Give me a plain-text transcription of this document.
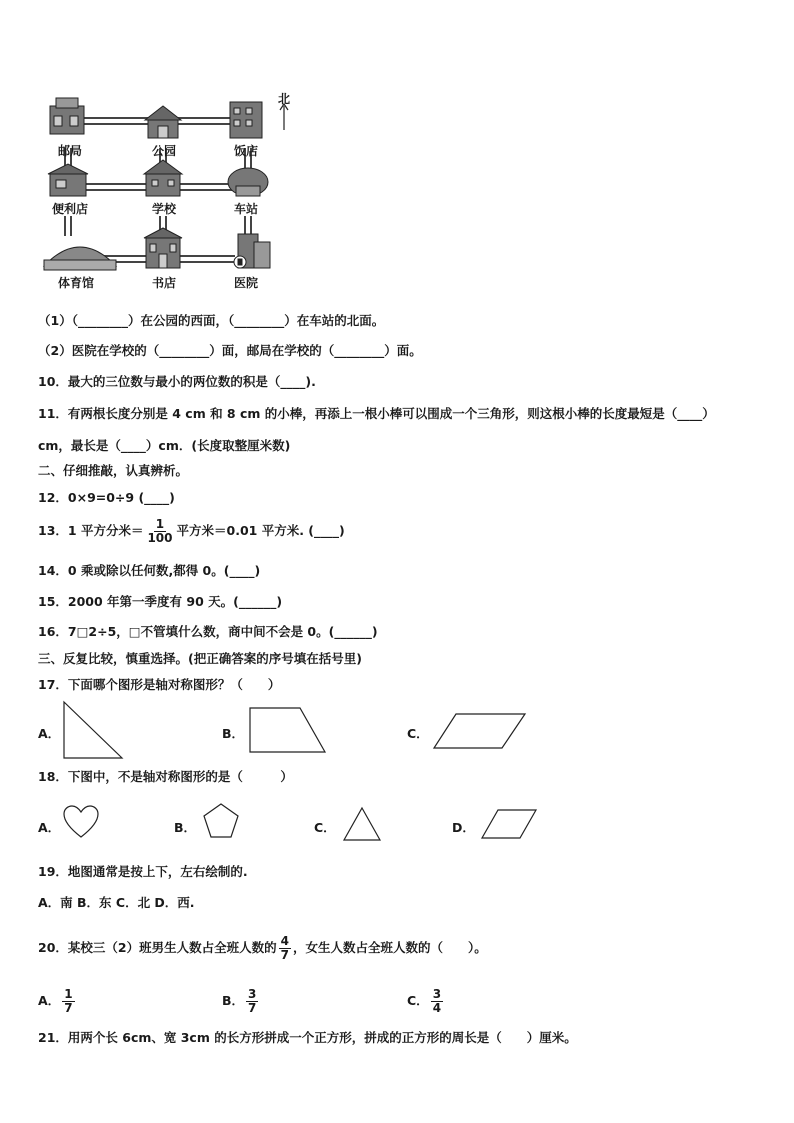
北
邮局	公园	饭店
便利店	学校	车站
体育馆	书店	医院
（1）（________）在公园的西面，（________）在车站的北面。
（2）医院在学校的（________）面，邮局在学校的（________）面。
10．最大的三位数与最小的两位数的积是（____).
11．有两根长度分别是 4 cm 和 8 cm 的小棒，再添上一根小棒可以围成一个三角形，则这根小棒的长度最短是（____）
cm，最长是（____）cm．(长度取整厘米数)
二、仔细推敲，认真辨析。
12．0×9=0÷9 (____)
13．1 平方分米＝ $\frac{1}{100}$ 平方米＝0.01 平方米. (____)
14．0 乘或除以任何数,都得 0。(____)
15．2000 年第一季度有 90 天。(______)
16．7□2÷5，□不管填什么数，商中间不会是 0。(______)
三、反复比较，慎重选择。(把正确答案的序号填在括号里)
17．下面哪个图形是轴对称图形？（　　）
A．	B．	C．
18．下图中，不是轴对称图形的是（　　　）
A．	B．	C．	D．
19．地图通常是按上下，左右绘制的.
A．南 B．东 C．北 D．西.
20．某校三（2）班男生人数占全班人数的 $\frac{4}{7}$ ，女生人数占全班人数的（　　）。
A． $\frac{1}{7}$	B． $\frac{3}{7}$	C． $\frac{3}{4}$
21．用两个长 6cm、宽 3cm 的长方形拼成一个正方形，拼成的正方形的周长是（　　）厘米。
